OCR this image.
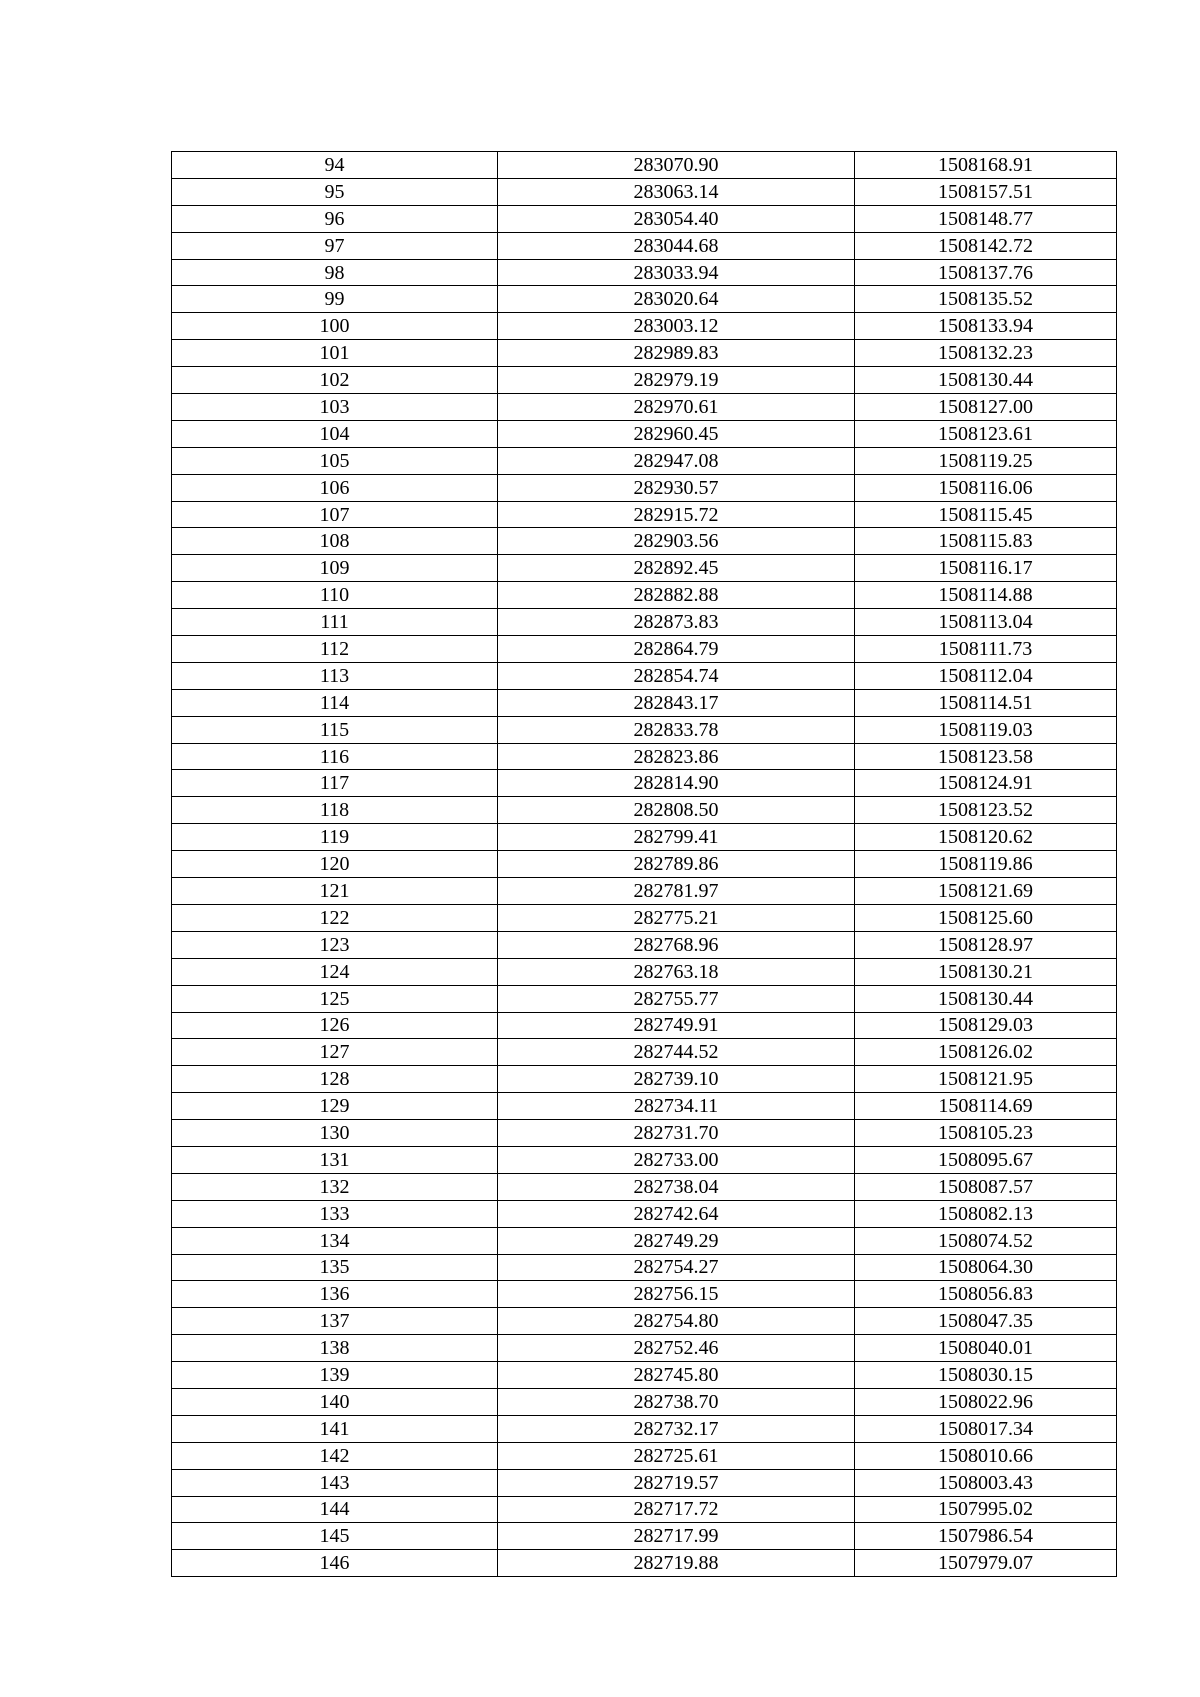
94	283070.90	1508168.91
95	283063.14	1508157.51
96	283054.40	1508148.77
97	283044.68	1508142.72
98	283033.94	1508137.76
99	283020.64	1508135.52
100	283003.12	1508133.94
101	282989.83	1508132.23
102	282979.19	1508130.44
103	282970.61	1508127.00
104	282960.45	1508123.61
105	282947.08	1508119.25
106	282930.57	1508116.06
107	282915.72	1508115.45
108	282903.56	1508115.83
109	282892.45	1508116.17
110	282882.88	1508114.88
111	282873.83	1508113.04
112	282864.79	1508111.73
113	282854.74	1508112.04
114	282843.17	1508114.51
115	282833.78	1508119.03
116	282823.86	1508123.58
117	282814.90	1508124.91
118	282808.50	1508123.52
119	282799.41	1508120.62
120	282789.86	1508119.86
121	282781.97	1508121.69
122	282775.21	1508125.60
123	282768.96	1508128.97
124	282763.18	1508130.21
125	282755.77	1508130.44
126	282749.91	1508129.03
127	282744.52	1508126.02
128	282739.10	1508121.95
129	282734.11	1508114.69
130	282731.70	1508105.23
131	282733.00	1508095.67
132	282738.04	1508087.57
133	282742.64	1508082.13
134	282749.29	1508074.52
135	282754.27	1508064.30
136	282756.15	1508056.83
137	282754.80	1508047.35
138	282752.46	1508040.01
139	282745.80	1508030.15
140	282738.70	1508022.96
141	282732.17	1508017.34
142	282725.61	1508010.66
143	282719.57	1508003.43
144	282717.72	1507995.02
145	282717.99	1507986.54
146	282719.88	1507979.07
